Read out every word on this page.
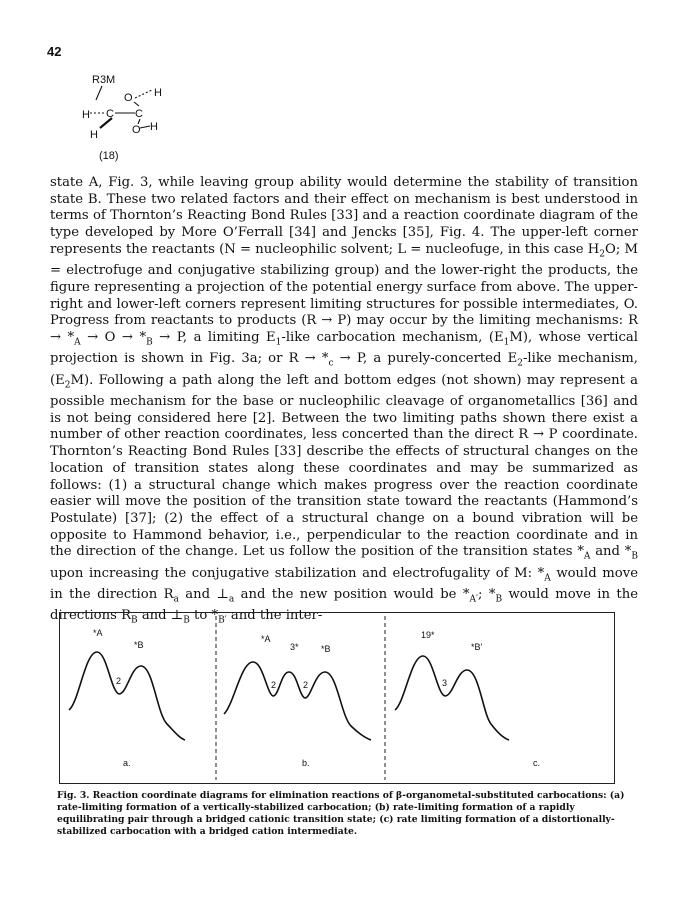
42
R3M
O H
H C C
O H
H
(18)

state A, Fig. 3, while leaving group ability would determine the stability of transition state B. These two related factors and their effect on mechanism is best understood in terms of Thornton’s Reacting Bond Rules [33] and a reaction coordinate diagram of the type developed by More O’Ferrall [34] and Jencks [35], Fig. 4. The upper-left corner represents the reactants (N = nucleophilic solvent; L = nucleofuge, in this case $H_2O$; M = electrofuge and conjugative stabilizing group) and the lower-right the products, the figure representing a projection of the potential energy surface from above. The upper-right and lower-left corners represent limiting structures for possible intermediates, O. Progress from reactants to products (R → P) may occur by the limiting mechanisms: $R \to *_A \to O \to *_B \to P$, a limiting $E_1$-like carbocation mechanism, $(E_1M)$, whose vertical projection is shown in Fig. 3a; or $R \to *_c \to P$, a purely-concerted $E_2$-like mechanism, $(E_2M)$. Following a path along the left and bottom edges (not shown) may represent a possible mechanism for the base or nucleophilic cleavage of organometallics [36] and is not being considered here [2]. Between the two limiting paths shown there exist a number of other reaction coordinates, less concerted than the direct R → P coordinate. Thornton’s Reacting Bond Rules [33] describe the effects of structural changes on the location of transition states along these coordinates and may be summarized as follows: (1) a structural change which makes progress over the reaction coordinate easier will move the position of the transition state toward the reactants (Hammond’s Postulate) [37]; (2) the effect of a structural change on a bound vibration will be opposite to Hammond behavior, i.e., perpendicular to the reaction coordinate and in the direction of the change. Let us follow the position of the transition states $*_A$ and $*_B$ upon increasing the conjugative stabilization and electrofugality of M: $*_A$ would move in the direction $R_a$ and $\perp_a$ and the new position would be $*_{A'}$; $*_B$ would move in the directions $R_B$ and $\perp_B$ to $*_{B'}$ and the inter-

*A
*B
2
a.
*A
3* *B
2	2
b.
19*
*B′
3
c.

Fig. 3. Reaction coordinate diagrams for elimination reactions of β-organometal-substituted carbocations: (a) rate-limiting formation of a vertically-stabilized carbocation; (b) rate-limiting formation of a rapidly equilibrating pair through a bridged cationic transition state; (c) rate limiting formation of a distortionally-stabilized carbocation with a bridged cation intermediate.
